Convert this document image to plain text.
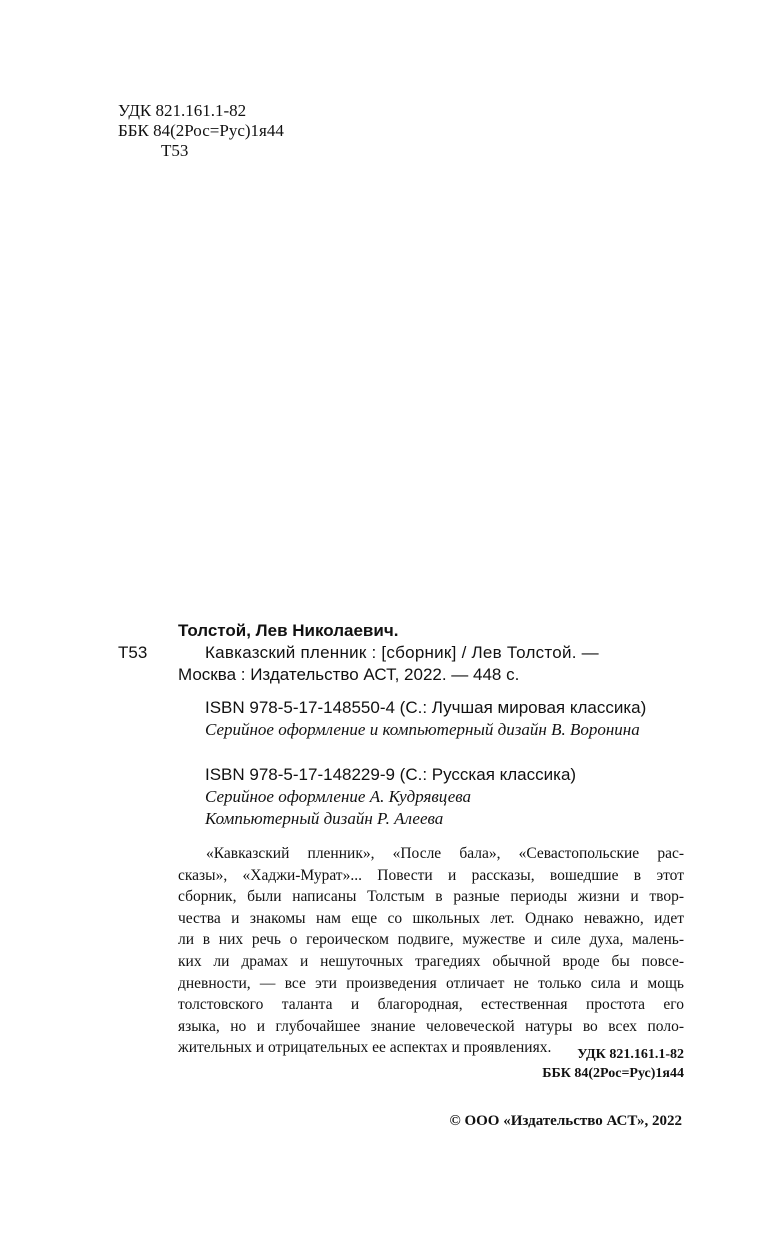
УДК 821.161.1-82
ББК 84(2Рос=Рус)1я44
Т53
Толстой, Лев Николаевич.
Т53	Кавказский пленник : [сборник] / Лев Толстой. —
Москва : Издательство АСТ, 2022. — 448 с.
ISBN 978-5-17-148550-4 (С.: Лучшая мировая классика)
Серийное оформление и компьютерный дизайн В. Воронина
ISBN 978-5-17-148229-9 (С.: Русская классика)
Серийное оформление А. Кудрявцева
Компьютерный дизайн Р. Алеева
«Кавказский пленник», «После бала», «Севастопольские рас-
сказы», «Хаджи-Мурат»... Повести и рассказы, вошедшие в этот
сборник, были написаны Толстым в разные периоды жизни и твор-
чества и знакомы нам еще со школьных лет. Однако неважно, идет
ли в них речь о героическом подвиге, мужестве и силе духа, малень-
ких ли драмах и нешуточных трагедиях обычной вроде бы повсе-
дневности, — все эти произведения отличает не только сила и мощь
толстовского таланта и благородная, естественная простота его
языка, но и глубочайшее знание человеческой натуры во всех поло-
жительных и отрицательных ее аспектах и проявлениях.	УДК 821.161.1-82
ББК 84(2Рос=Рус)1я44
© ООО «Издательство АСТ», 2022
